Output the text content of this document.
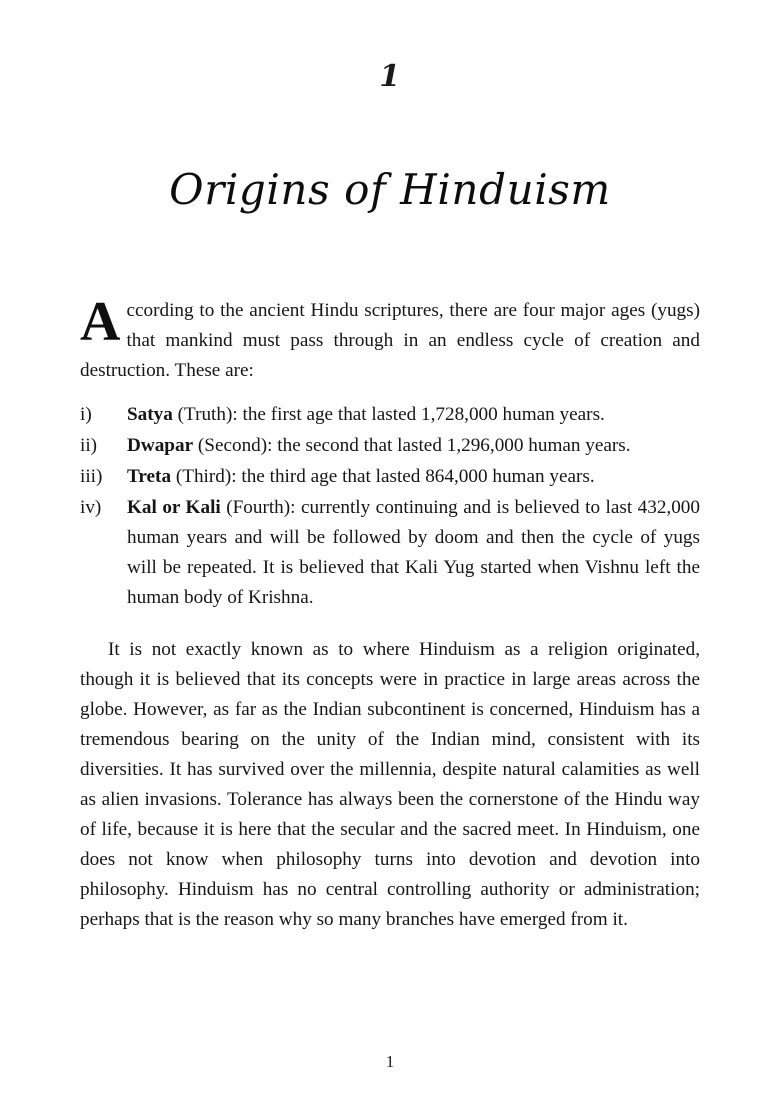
1
Origins of Hinduism

According to the ancient Hindu scriptures, there are four major ages (yugs) that mankind must pass through in an endless cycle of creation and destruction. These are:

i)	Satya (Truth): the first age that lasted 1,728,000 human years.
ii)	Dwapar (Second): the second that lasted 1,296,000 human years.
iii)	Treta (Third): the third age that lasted 864,000 human years.
iv)	Kal or Kali (Fourth): currently continuing and is believed to last 432,000 human years and will be followed by doom and then the cycle of yugs will be repeated. It is believed that Kali Yug started when Vishnu left the human body of Krishna.

It is not exactly known as to where Hinduism as a religion originated, though it is believed that its concepts were in practice in large areas across the globe. However, as far as the Indian subcontinent is concerned, Hinduism has a tremendous bearing on the unity of the Indian mind, consistent with its diversities. It has survived over the millennia, despite natural calamities as well as alien invasions. Tolerance has always been the cornerstone of the Hindu way of life, because it is here that the secular and the sacred meet. In Hinduism, one does not know when philosophy turns into devotion and devotion into philosophy. Hinduism has no central controlling authority or administration; perhaps that is the reason why so many branches have emerged from it.

1
